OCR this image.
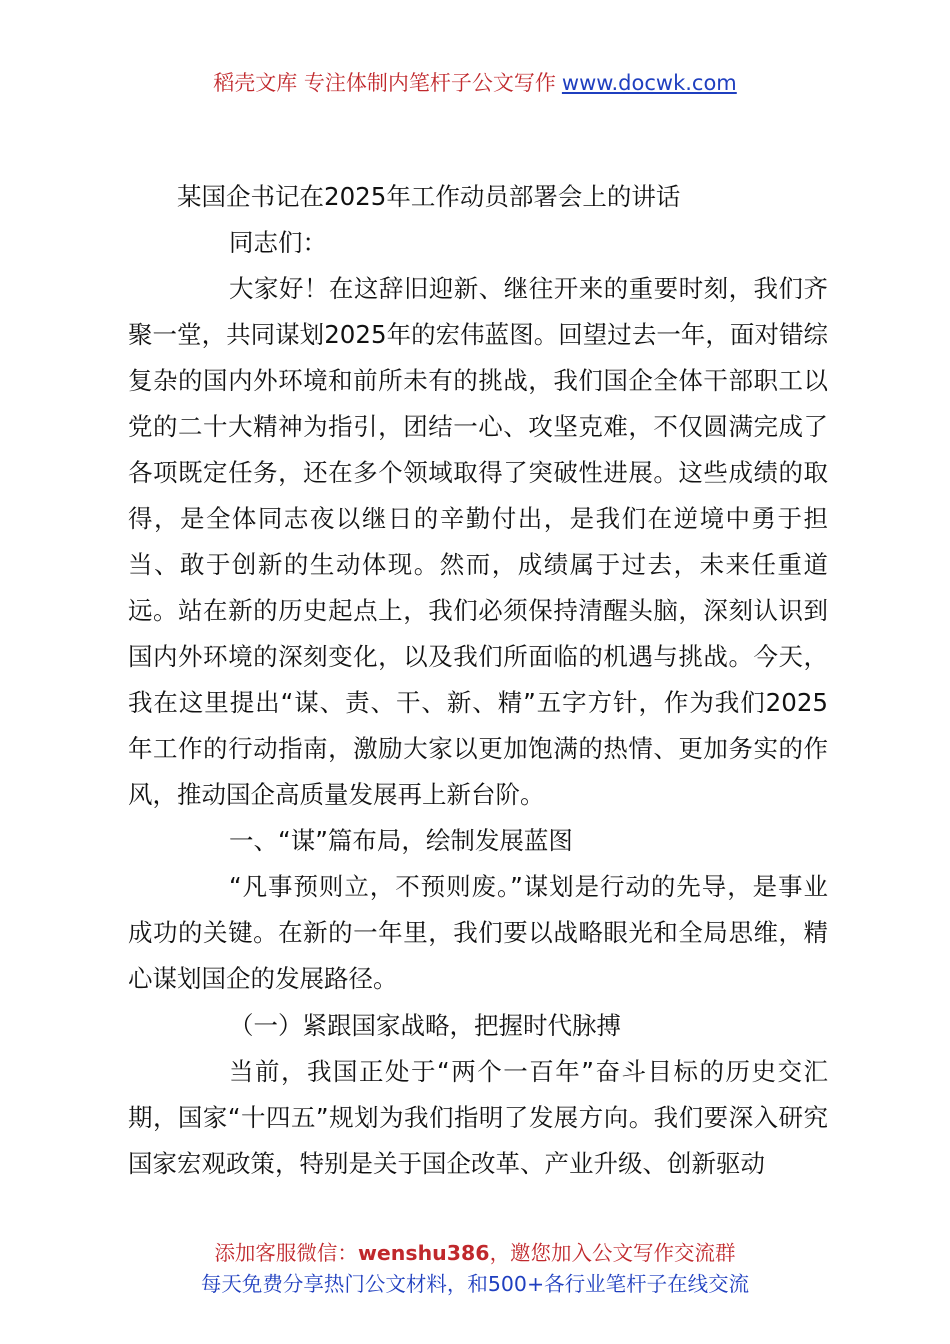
稻壳文库 专注体制内笔杆子公文写作 www.docwk.com

某国企书记在2025年工作动员部署会上的讲话

同志们：

大家好！在这辞旧迎新、继往开来的重要时刻，我们齐聚一堂，共同谋划2025年的宏伟蓝图。回望过去一年，面对错综复杂的国内外环境和前所未有的挑战，我们国企全体干部职工以党的二十大精神为指引，团结一心、攻坚克难，不仅圆满完成了各项既定任务，还在多个领域取得了突破性进展。这些成绩的取得，是全体同志夜以继日的辛勤付出，是我们在逆境中勇于担当、敢于创新的生动体现。然而，成绩属于过去，未来任重道远。站在新的历史起点上，我们必须保持清醒头脑，深刻认识到国内外环境的深刻变化，以及我们所面临的机遇与挑战。今天，我在这里提出“谋、责、干、新、精”五字方针，作为我们2025年工作的行动指南，激励大家以更加饱满的热情、更加务实的作风，推动国企高质量发展再上新台阶。

一、“谋”篇布局，绘制发展蓝图

“凡事预则立，不预则废。”谋划是行动的先导，是事业成功的关键。在新的一年里，我们要以战略眼光和全局思维，精心谋划国企的发展路径。

（一）紧跟国家战略，把握时代脉搏

当前，我国正处于“两个一百年”奋斗目标的历史交汇期，国家“十四五”规划为我们指明了发展方向。我们要深入研究国家宏观政策，特别是关于国企改革、产业升级、创新驱动

添加客服微信：wenshu386，邀您加入公文写作交流群
每天免费分享热门公文材料，和500+各行业笔杆子在线交流
